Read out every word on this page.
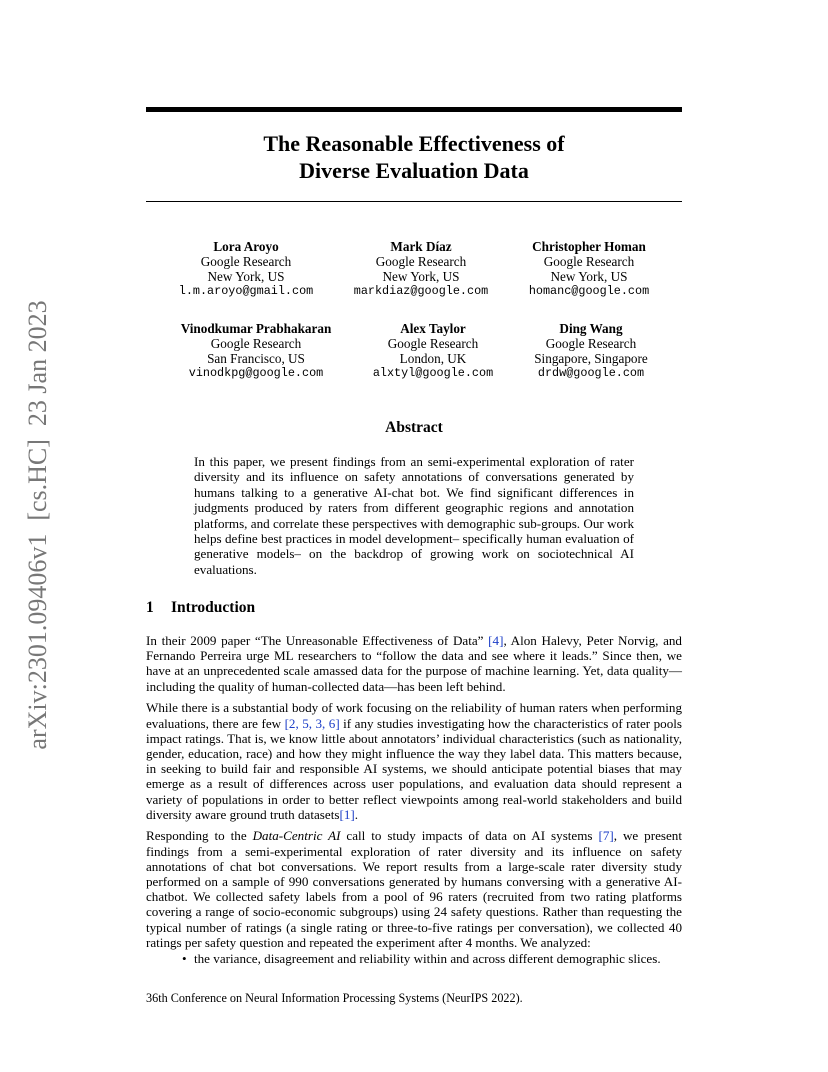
arXiv:2301.09406v1  [cs.HC]  23 Jan 2023
The Reasonable Effectiveness of
Diverse Evaluation Data
Lora Aroyo
Google Research
New York, US
l.m.aroyo@gmail.com
Mark Díaz
Google Research
New York, US
markdiaz@google.com
Christopher Homan
Google Research
New York, US
homanc@google.com
Vinodkumar Prabhakaran
Google Research
San Francisco, US
vinodkpg@google.com
Alex Taylor
Google Research
London, UK
alxtyl@google.com
Ding Wang
Google Research
Singapore, Singapore
drdw@google.com
Abstract
In this paper, we present findings from an semi-experimental exploration of rater diversity and its influence on safety annotations of conversations generated by humans talking to a generative AI-chat bot. We find significant differences in judgments produced by raters from different geographic regions and annotation platforms, and correlate these perspectives with demographic sub-groups. Our work helps define best practices in model development– specifically human evaluation of generative models– on the backdrop of growing work on sociotechnical AI evaluations.
1 Introduction

In their 2009 paper “The Unreasonable Effectiveness of Data” [4], Alon Halevy, Peter Norvig, and Fernando Perreira urge ML researchers to “follow the data and see where it leads.” Since then, we have at an unprecedented scale amassed data for the purpose of machine learning. Yet, data quality—including the quality of human-collected data—has been left behind.

While there is a substantial body of work focusing on the reliability of human raters when performing evaluations, there are few [2, 5, 3, 6] if any studies investigating how the characteristics of rater pools impact ratings. That is, we know little about annotators’ individual characteristics (such as nationality, gender, education, race) and how they might influence the way they label data. This matters because, in seeking to build fair and responsible AI systems, we should anticipate potential biases that may emerge as a result of differences across user populations, and evaluation data should represent a variety of populations in order to better reflect viewpoints among real-world stakeholders and build diversity aware ground truth datasets[1].

Responding to the Data-Centric AI call to study impacts of data on AI systems [7], we present findings from a semi-experimental exploration of rater diversity and its influence on safety annotations of chat bot conversations. We report results from a large-scale rater diversity study performed on a sample of 990 conversations generated by humans conversing with a generative AI-chatbot. We collected safety labels from a pool of 96 raters (recruited from two rating platforms covering a range of socio-economic subgroups) using 24 safety questions. Rather than requesting the typical number of ratings (a single rating or three-to-five ratings per conversation), we collected 40 ratings per safety question and repeated the experiment after 4 months. We analyzed:

• the variance, disagreement and reliability within and across different demographic slices.
36th Conference on Neural Information Processing Systems (NeurIPS 2022).
